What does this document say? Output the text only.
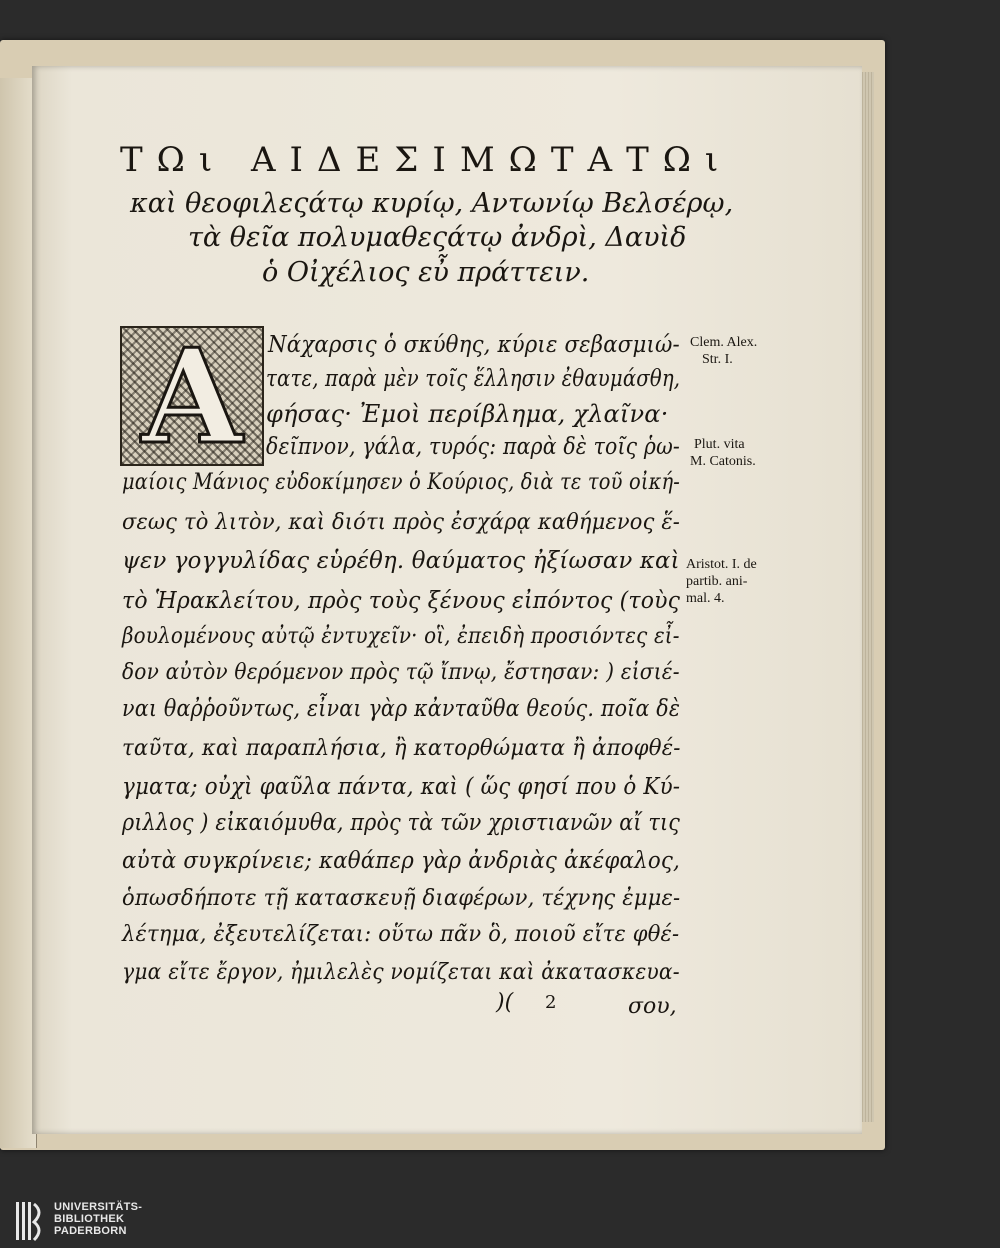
ΤΩι ΑΙΔΕΣΙΜΩΤΑΤΩι
καὶ θεοφιλεςάτῳ κυρίῳ, Αντωνίῳ Βελσέρῳ,
τὰ θεῖα πολυμαθεςάτῳ ἀνδρὶ, Δαυὶδ
ὁ Οἰχέλιος εὖ πράττειν.
Α	Νάχαρσις ὁ σκύθης, κύριε σεβασμιώ-
τατε, παρὰ μὲν τοῖς ἕλλησιν ἐθαυμάσθη,
φήσας· Ἐμοὶ περίβλημα, χλαῖνα·
δεῖπνον, γάλα, τυρός: παρὰ δὲ τοῖς ῥω-
μαίοις Μάνιος εὐδοκίμησεν ὁ Κούριος, διὰ τε τοῦ οἰκή-
σεως τὸ λιτὸν, καὶ διότι πρὸς ἐσχάρᾳ καθήμενος ἕ-
ψεν γογγυλίδας εὑρέθη. θαύματος ἠξίωσαν καὶ
τὸ Ἡρακλείτου, πρὸς τοὺς ξένους εἰπόντος (τοὺς
βουλομένους αὐτῷ ἐντυχεῖν· οἳ, ἐπειδὴ προσιόντες εἶ-
δον αὐτὸν θερόμενον πρὸς τῷ ἴπνῳ, ἔστησαν: ) εἰσιέ-
ναι θαῤῥοῦντως, εἶναι γὰρ κἀνταῦθα θεούς. ποῖα δὲ
ταῦτα, καὶ παραπλήσια, ἢ κατορθώματα ἢ ἀποφθέ-
γματα; οὐχὶ φαῦλα πάντα, καὶ ( ὥς φησί που ὁ Κύ-
ριλλος ) εἰκαιόμυθα, πρὸς τὰ τῶν χριστιανῶν αἴ τις
αὐτὰ συγκρίνειε; καθάπερ γὰρ ἀνδριὰς ἀκέφαλος,
ὁπωσδήποτε τῇ κατασκευῇ διαφέρων, τέχνης ἐμμε-
λέτημα, ἐξευτελίζεται: οὕτω πᾶν ὃ, ποιοῦ εἴτε φθέ-
γμα εἴτε ἔργον, ἠμιλελὲς νομίζεται καὶ ἀκατασκευα-
Clem. Alex.
Str. I.
Plut. vita
M. Catonis.
Aristot. I. de
partib. ani-
mal. 4.
)( 2	σου,
UNIVERSITÄTS-
BIBLIOTHEK
PADERBORN
